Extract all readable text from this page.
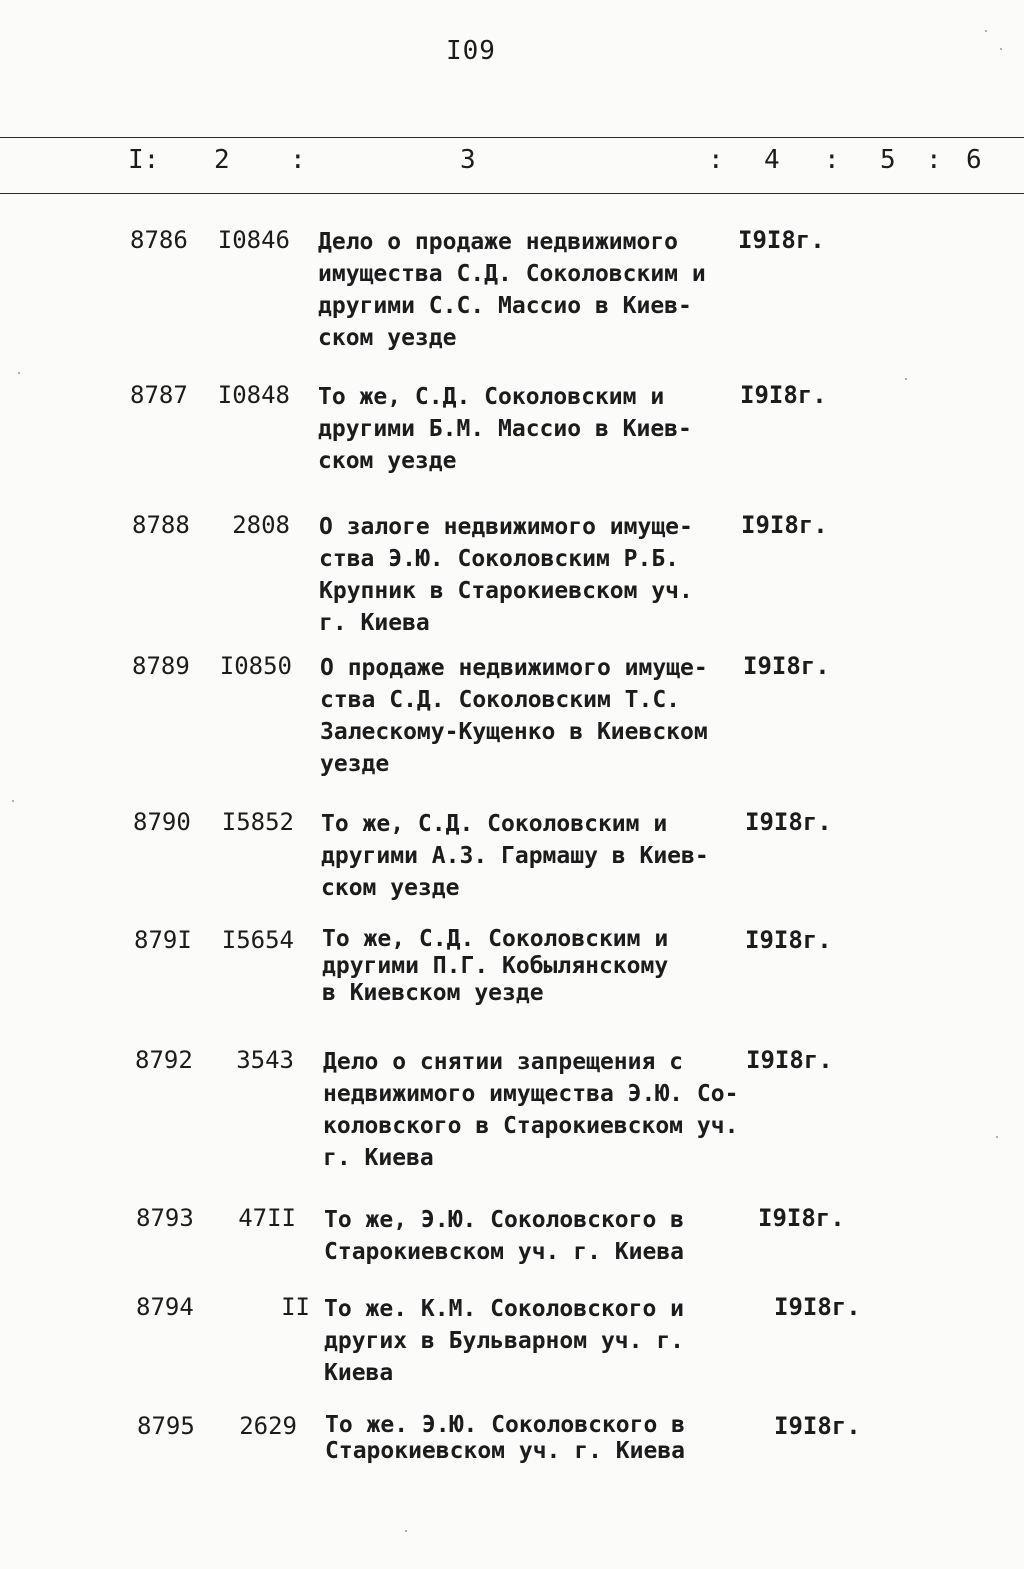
I09
I: 2 :	3	: 4 : 5 : 6
8786	I0846 Дело о продаже недвижимого
имущества С.Д. Соколовским и
другими С.С. Массио в Киев-
ском уезде
I9I8г.
8787	I0848 То же, С.Д. Соколовским и
другими Б.М. Массио в Киев-
ском уезде
I9I8г.
8788	2808 О залоге недвижимого имуще-
ства Э.Ю. Соколовским Р.Б.
Крупник в Старокиевском уч.
г. Киева
I9I8г.
8789	I0850 О продаже недвижимого имуще-
ства С.Д. Соколовским Т.С.
Залескому-Кущенко в Киевском
уезде
I9I8г.
8790	I5852 То же, С.Д. Соколовским и
другими А.З. Гармашу в Киев-
ском уезде
I9I8г.
879I	I5654 То же, С.Д. Соколовским и
другими П.Г. Кобылянскому
в Киевском уезде
I9I8г.
8792	3543 Дело о снятии запрещения с
недвижимого имущества Э.Ю. Со-
коловского в Старокиевском уч.
г. Киева
I9I8г.
8793	47II То же, Э.Ю. Соколовского в
Старокиевском уч. г. Киева
I9I8г.
8794	II То же. К.М. Соколовского и
других в Бульварном уч. г.
Киева
I9I8г.
8795	2629 То же. Э.Ю. Соколовского в
Старокиевском уч. г. Киева
I9I8г.
